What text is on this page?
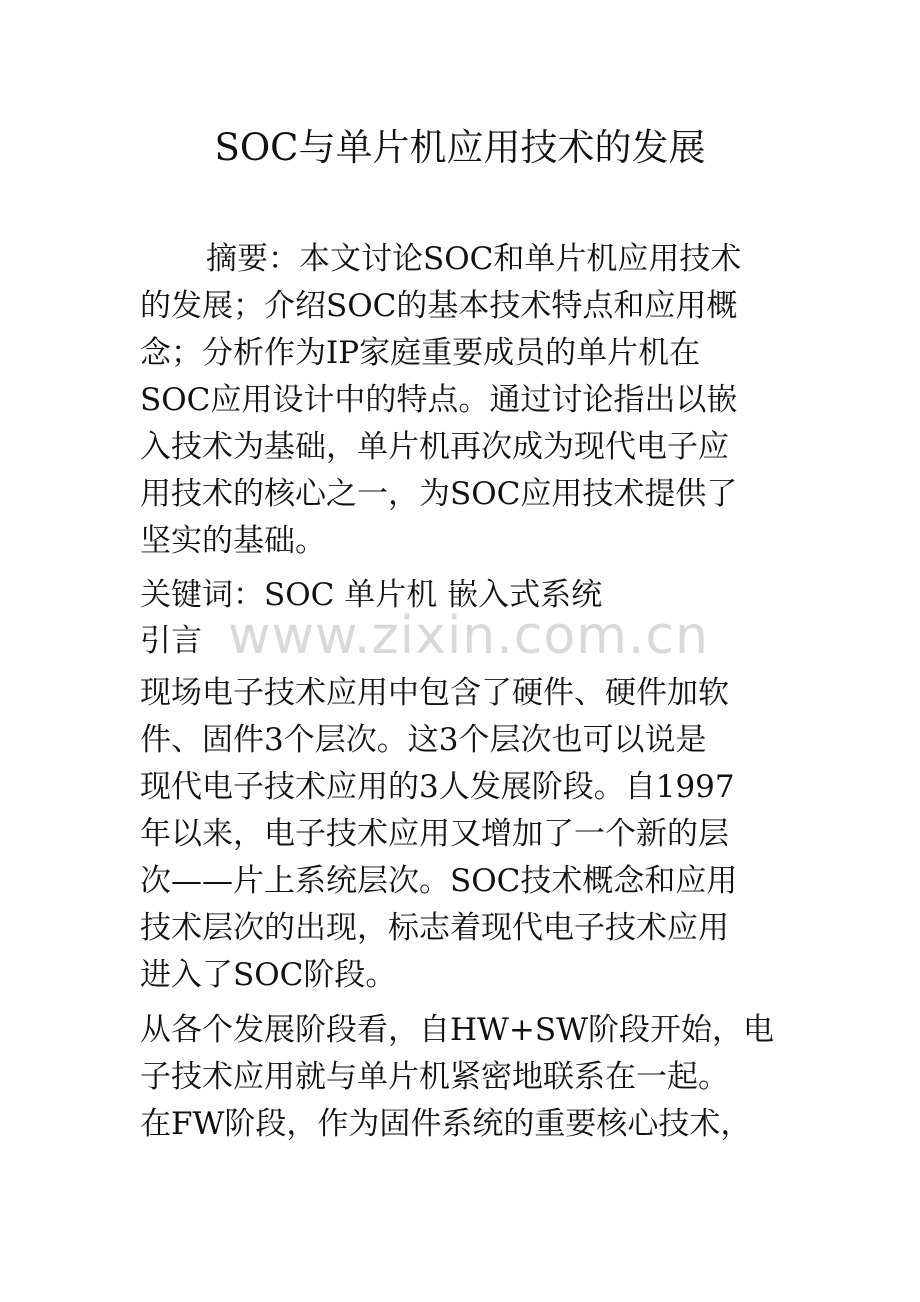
SOC与单片机应用技术的发展
www.zixin.com.cn

摘要：本文讨论SOC和单片机应用技术

的发展；介绍SOC的基本技术特点和应用概

念；分析作为IP家庭重要成员的单片机在

SOC应用设计中的特点。通过讨论指出以嵌

入技术为基础，单片机再次成为现代电子应

用技术的核心之一，为SOC应用技术提供了

坚实的基础。

关键词：SOC 单片机 嵌入式系统

引言

现场电子技术应用中包含了硬件、硬件加软

件、固件3个层次。这3个层次也可以说是

现代电子技术应用的3人发展阶段。自1997

年以来，电子技术应用又增加了一个新的层

次——片上系统层次。SOC技术概念和应用

技术层次的出现，标志着现代电子技术应用

进入了SOC阶段。

从各个发展阶段看，自HW+SW阶段开始，电

子技术应用就与单片机紧密地联系在一起。

在FW阶段，作为固件系统的重要核心技术，
